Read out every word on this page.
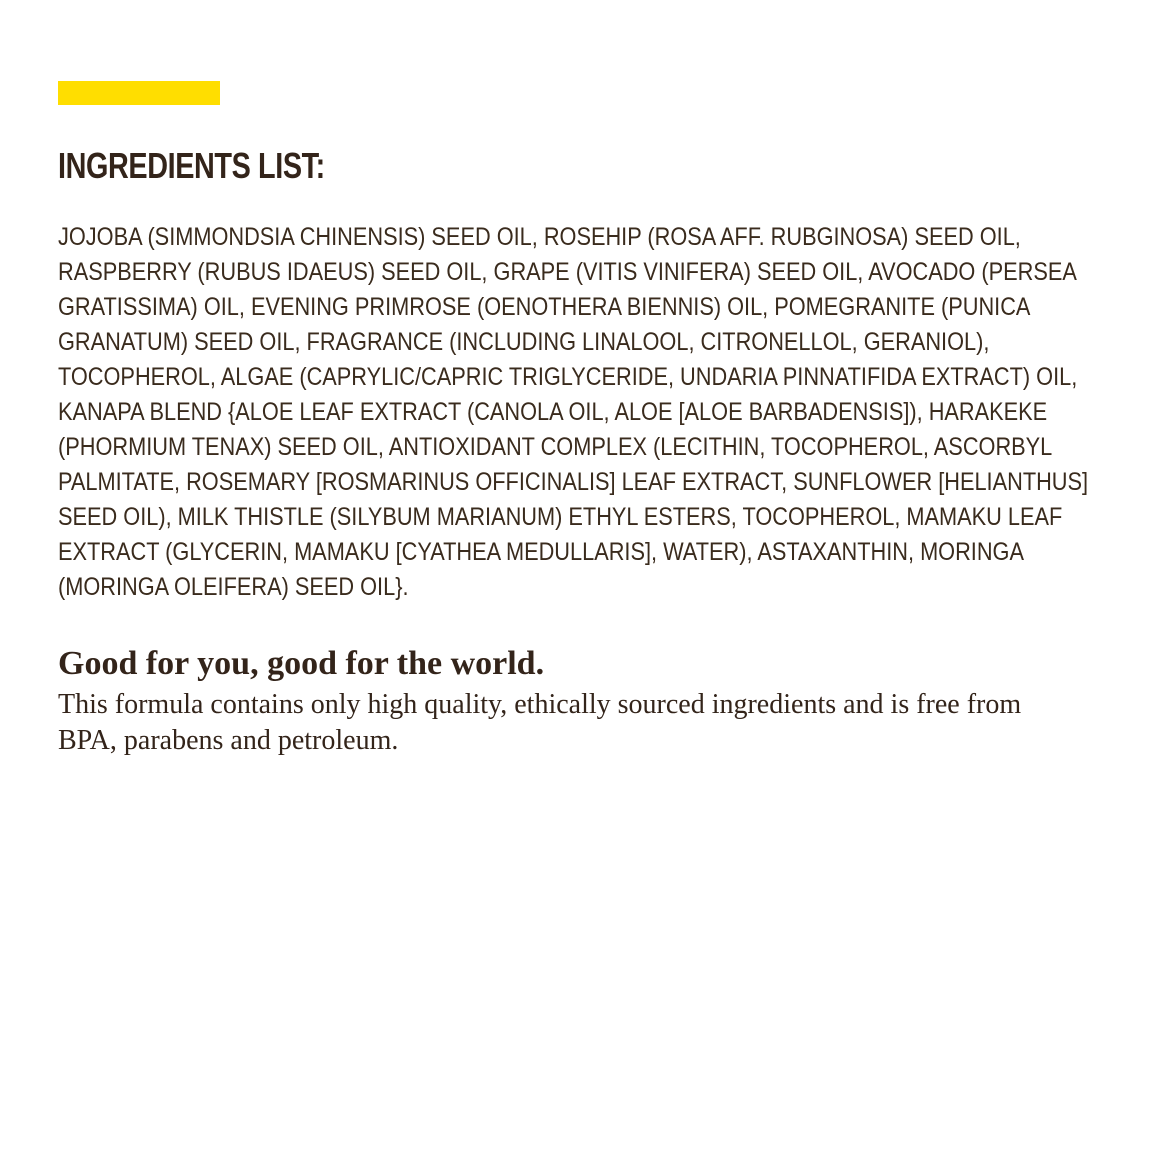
INGREDIENTS LIST:
JOJOBA (SIMMONDSIA CHINENSIS) SEED OIL, ROSEHIP (ROSA AFF. RUBGINOSA) SEED OIL,
RASPBERRY (RUBUS IDAEUS) SEED OIL, GRAPE (VITIS VINIFERA) SEED OIL, AVOCADO (PERSEA
GRATISSIMA) OIL, EVENING PRIMROSE (OENOTHERA BIENNIS) OIL, POMEGRANITE (PUNICA
GRANATUM) SEED OIL, FRAGRANCE (INCLUDING LINALOOL, CITRONELLOL, GERANIOL),
TOCOPHEROL, ALGAE (CAPRYLIC/CAPRIC TRIGLYCERIDE, UNDARIA PINNATIFIDA EXTRACT) OIL,
KANAPA BLEND {ALOE LEAF EXTRACT (CANOLA OIL, ALOE [ALOE BARBADENSIS]), HARAKEKE
(PHORMIUM TENAX) SEED OIL, ANTIOXIDANT COMPLEX (LECITHIN, TOCOPHEROL, ASCORBYL
PALMITATE, ROSEMARY [ROSMARINUS OFFICINALIS] LEAF EXTRACT, SUNFLOWER [HELIANTHUS]
SEED OIL), MILK THISTLE (SILYBUM MARIANUM) ETHYL ESTERS, TOCOPHEROL, MAMAKU LEAF
EXTRACT (GLYCERIN, MAMAKU [CYATHEA MEDULLARIS], WATER), ASTAXANTHIN, MORINGA
(MORINGA OLEIFERA) SEED OIL}.
Good for you, good for the world.
This formula contains only high quality, ethically sourced ingredients and is free from
BPA, parabens and petroleum.
